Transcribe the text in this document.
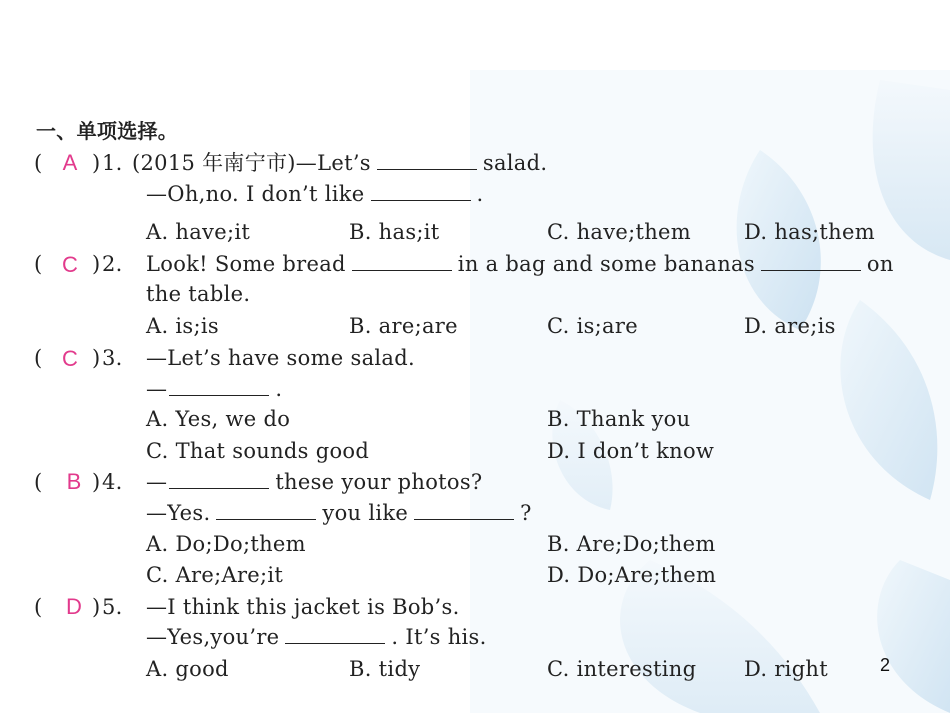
一、单项选择。
( A ) 1. (2015 年南宁市)—Let’s	salad.
—Oh,no. I don’t like	.
A. have;it	B. has;it	C. have;them	D. has;them
( C ) 2. Look! Some bread	in a bag and some bananas	on
the table.
A. is;is	B. are;are	C. is;are	D. are;is
( C ) 3. —Let’s have some salad.
—	.
A. Yes, we do	B. Thank you
C. That sounds good	D. I don’t know
(	B ) 4. —	these your photos?
—Yes.	you like	?
A. Do;Do;them	B. Are;Do;them
C. Are;Are;it	D. Do;Are;them
(	D ) 5. —I think this jacket is Bob’s.
—Yes,you’re	. It’s his.
A. good	B. tidy	C. interesting D. right	2
